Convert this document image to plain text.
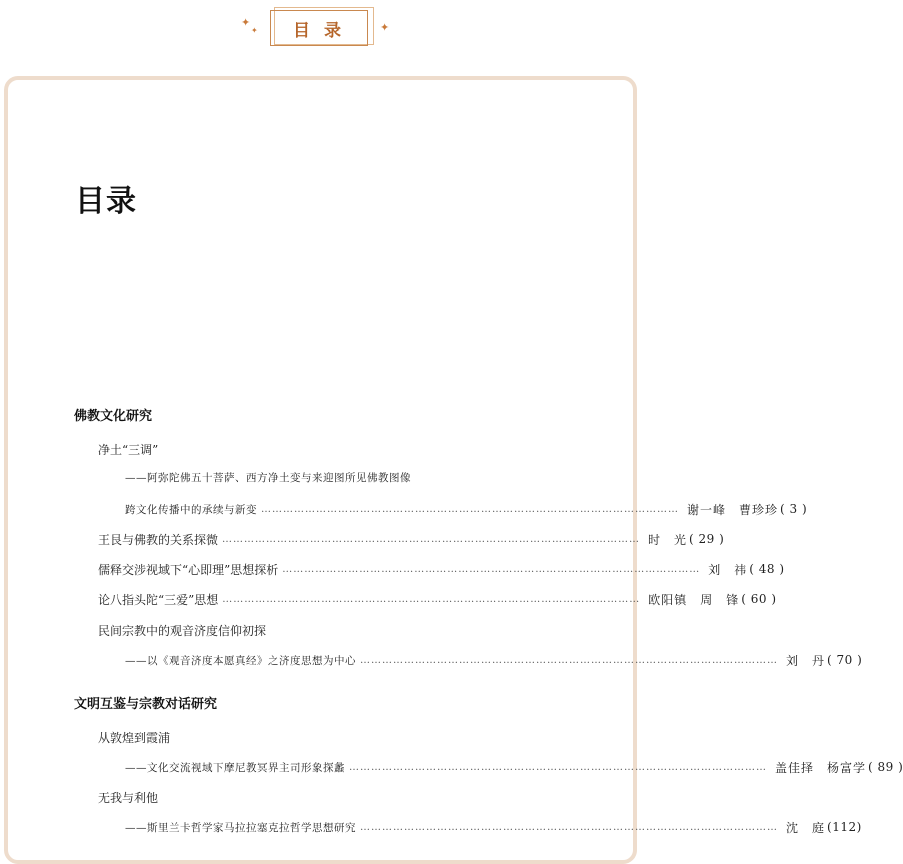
✦
✦ 目录 ✦
目录
佛教文化研究
净土“三调”
——阿弥陀佛五十菩萨、西方净土变与来迎图所见佛教图像
跨文化传播中的承续与新变 …………………………………………………………………………………………………… 谢一峰　曹珍珍 ( 3 )
王艮与佛教的关系探微 …………………………………………………………………………………………………… 时　光 ( 29 )
儒释交涉视域下“心即理”思想探析 …………………………………………………………………………………………………… 刘　祎 ( 48 )
论八指头陀“三爱”思想 …………………………………………………………………………………………………… 欧阳镇　周　锋 ( 60 )
民间宗教中的观音济度信仰初探
——以《观音济度本愿真经》之济度思想为中心 …………………………………………………………………………………………………… 刘　丹 ( 70 )
文明互鉴与宗教对话研究
从敦煌到霞浦
——文化交流视域下摩尼教冥界主司形象探蠡 …………………………………………………………………………………………………… 盖佳择　杨富学 ( 89 )
无我与利他
——斯里兰卡哲学家马拉拉塞克拉哲学思想研究 …………………………………………………………………………………………………… 沈　庭 (112)
